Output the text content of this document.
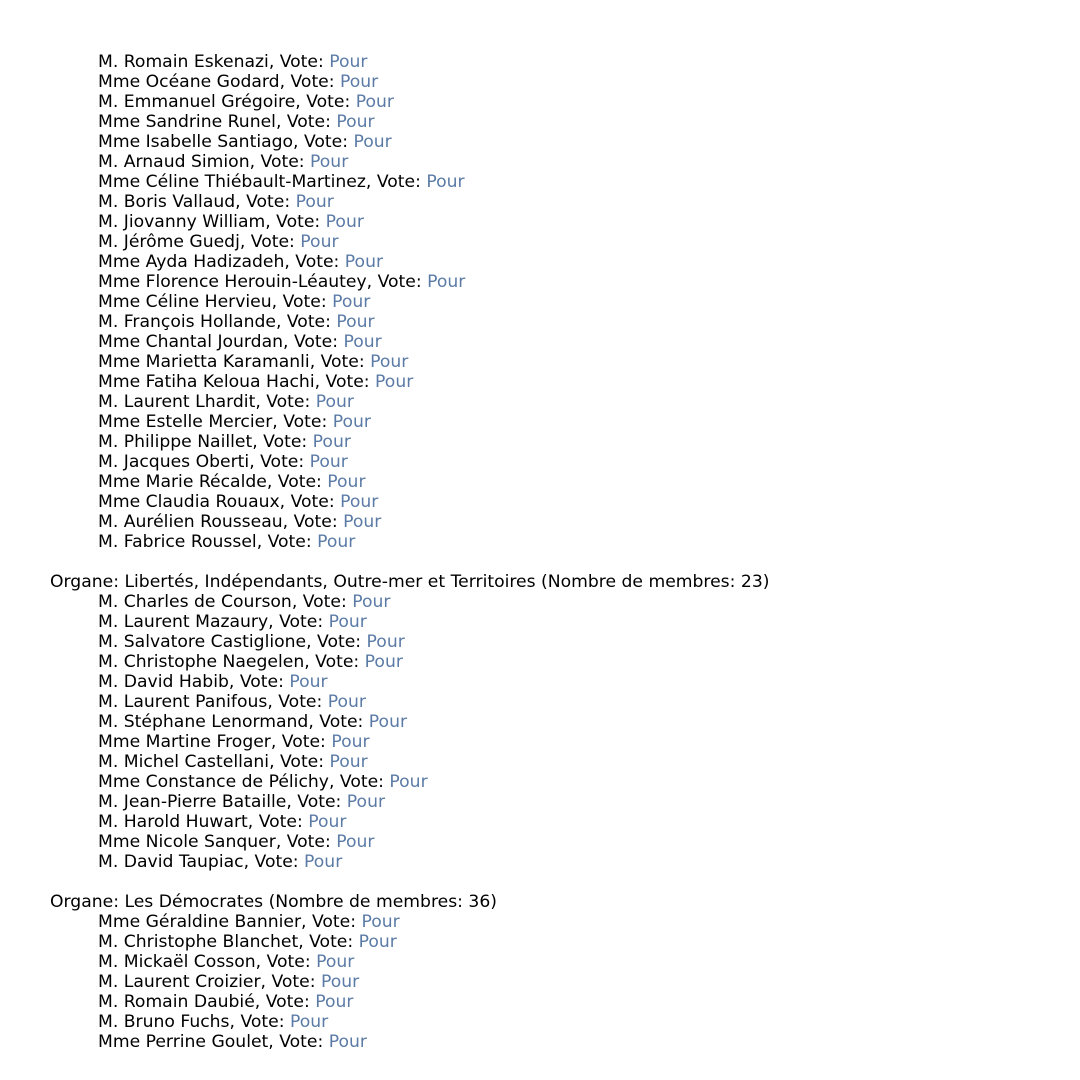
M. Romain Eskenazi, Vote: Pour
Mme Océane Godard, Vote: Pour
M. Emmanuel Grégoire, Vote: Pour
Mme Sandrine Runel, Vote: Pour
Mme Isabelle Santiago, Vote: Pour
M. Arnaud Simion, Vote: Pour
Mme Céline Thiébault-Martinez, Vote: Pour
M. Boris Vallaud, Vote: Pour
M. Jiovanny William, Vote: Pour
M. Jérôme Guedj, Vote: Pour
Mme Ayda Hadizadeh, Vote: Pour
Mme Florence Herouin-Léautey, Vote: Pour
Mme Céline Hervieu, Vote: Pour
M. François Hollande, Vote: Pour
Mme Chantal Jourdan, Vote: Pour
Mme Marietta Karamanli, Vote: Pour
Mme Fatiha Keloua Hachi, Vote: Pour
M. Laurent Lhardit, Vote: Pour
Mme Estelle Mercier, Vote: Pour
M. Philippe Naillet, Vote: Pour
M. Jacques Oberti, Vote: Pour
Mme Marie Récalde, Vote: Pour
Mme Claudia Rouaux, Vote: Pour
M. Aurélien Rousseau, Vote: Pour
M. Fabrice Roussel, Vote: Pour
Organe: Libertés, Indépendants, Outre-mer et Territoires (Nombre de membres: 23)
M. Charles de Courson, Vote: Pour
M. Laurent Mazaury, Vote: Pour
M. Salvatore Castiglione, Vote: Pour
M. Christophe Naegelen, Vote: Pour
M. David Habib, Vote: Pour
M. Laurent Panifous, Vote: Pour
M. Stéphane Lenormand, Vote: Pour
Mme Martine Froger, Vote: Pour
M. Michel Castellani, Vote: Pour
Mme Constance de Pélichy, Vote: Pour
M. Jean-Pierre Bataille, Vote: Pour
M. Harold Huwart, Vote: Pour
Mme Nicole Sanquer, Vote: Pour
M. David Taupiac, Vote: Pour
Organe: Les Démocrates (Nombre de membres: 36)
Mme Géraldine Bannier, Vote: Pour
M. Christophe Blanchet, Vote: Pour
M. Mickaël Cosson, Vote: Pour
M. Laurent Croizier, Vote: Pour
M. Romain Daubié, Vote: Pour
M. Bruno Fuchs, Vote: Pour
Mme Perrine Goulet, Vote: Pour
